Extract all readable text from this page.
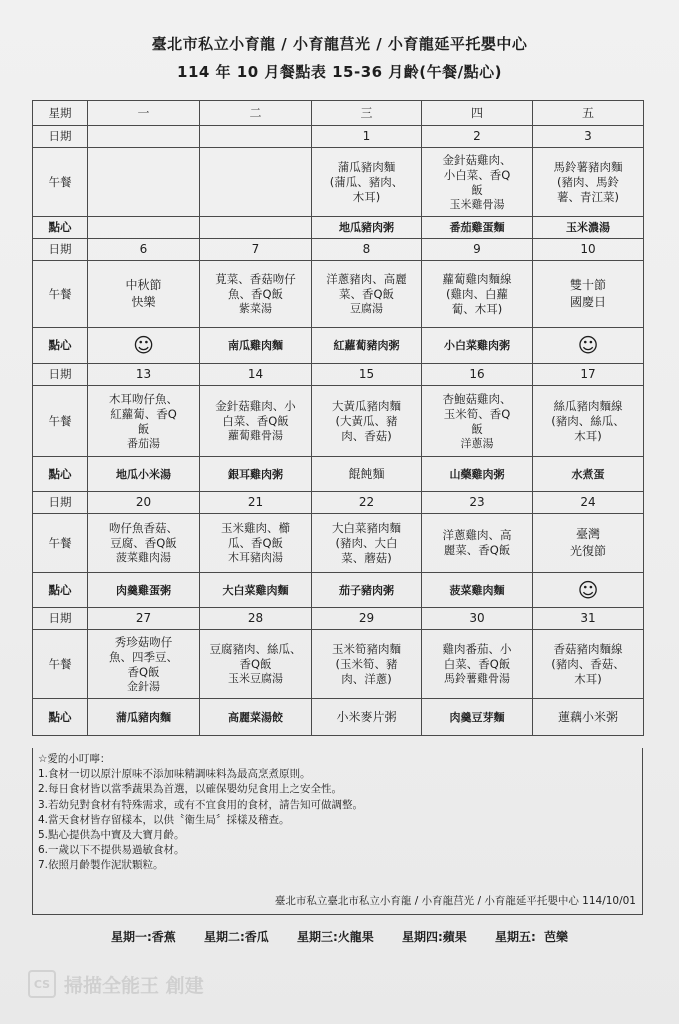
臺北市私立小育龍 / 小育龍莒光 / 小育龍延平托嬰中心
114 年 10 月餐點表 15-36 月齡(午餐/點心)
星期	一	二	三	四	五
日期			1	2	3
午餐			蒲瓜豬肉麵
(蒲瓜、豬肉、
木耳)	金針菇雞肉、
小白菜、香Q
飯
玉米雞骨湯	馬鈴薯豬肉麵
(豬肉、馬鈴
薯、青江菜)

點心			地瓜豬肉粥	番茄雞蛋麵	玉米濃湯
日期	6	7	8	9	10
午餐	中秋節
快樂	莧菜、香菇吻仔
魚、香Q飯
紫菜湯	洋蔥豬肉、高麗
菜、香Q飯
豆腐湯	蘿蔔雞肉麵線
(雞肉、白蘿
蔔、木耳)	雙十節
國慶日

點心	☺	南瓜雞肉麵	紅蘿蔔豬肉粥	小白菜雞肉粥	☺
日期	13	14	15	16	17
午餐	木耳吻仔魚、
紅蘿蔔、香Q
飯
番茄湯	金針菇雞肉、小
白菜、香Q飯
蘿蔔雞骨湯	大黃瓜豬肉麵
(大黃瓜、豬
肉、香菇)	杏鮑菇雞肉、
玉米筍、香Q
飯
洋蔥湯	絲瓜豬肉麵線
(豬肉、絲瓜、
木耳)

點心	地瓜小米湯	銀耳雞肉粥	餛飩麵	山藥雞肉粥	水煮蛋
日期	20	21	22	23	24
午餐	吻仔魚香菇、
豆腐、香Q飯
菠菜雞肉湯	玉米雞肉、櫛
瓜、香Q飯
木耳豬肉湯	大白菜豬肉麵
(豬肉、大白
菜、蘑菇)	洋蔥雞肉、高
麗菜、香Q飯	臺灣
光復節

點心	肉羹雞蛋粥	大白菜雞肉麵	茄子豬肉粥	菠菜雞肉麵	☺
日期	27	28	29	30	31
午餐	秀珍菇吻仔
魚、四季豆、
香Q飯
金針湯	豆腐豬肉、絲瓜、
香Q飯
玉米豆腐湯	玉米筍豬肉麵
(玉米筍、豬
肉、洋蔥)	雞肉番茄、小
白菜、香Q飯
馬鈴薯雞骨湯	香菇豬肉麵線
(豬肉、香菇、
木耳)

點心	蒲瓜豬肉麵	高麗菜湯餃	小米麥片粥	肉羹豆芽麵	蓮藕小米粥
☆愛的小叮嚀：
1.食材一切以原汁原味不添加味精調味料為最高烹煮原則。
2.每日食材皆以當季蔬果為首選，以確保嬰幼兒食用上之安全性。
3.若幼兒對食材有特殊需求，或有不宜食用的食材，請告知可做調整。
4.當天食材皆存留樣本，以供〝衛生局〞採樣及稽查。
5.點心提供為中寶及大寶月齡。
6.一歲以下不提供易過敏食材。
7.依照月齡製作泥狀顆粒。
臺北市私立臺北市私立小育龍 / 小育龍莒光 / 小育龍延平托嬰中心 114/10/01
星期一:香蕉 星期二:香瓜 星期三:火龍果 星期四:蘋果 星期五: 芭樂
CS 掃描全能王 創建
